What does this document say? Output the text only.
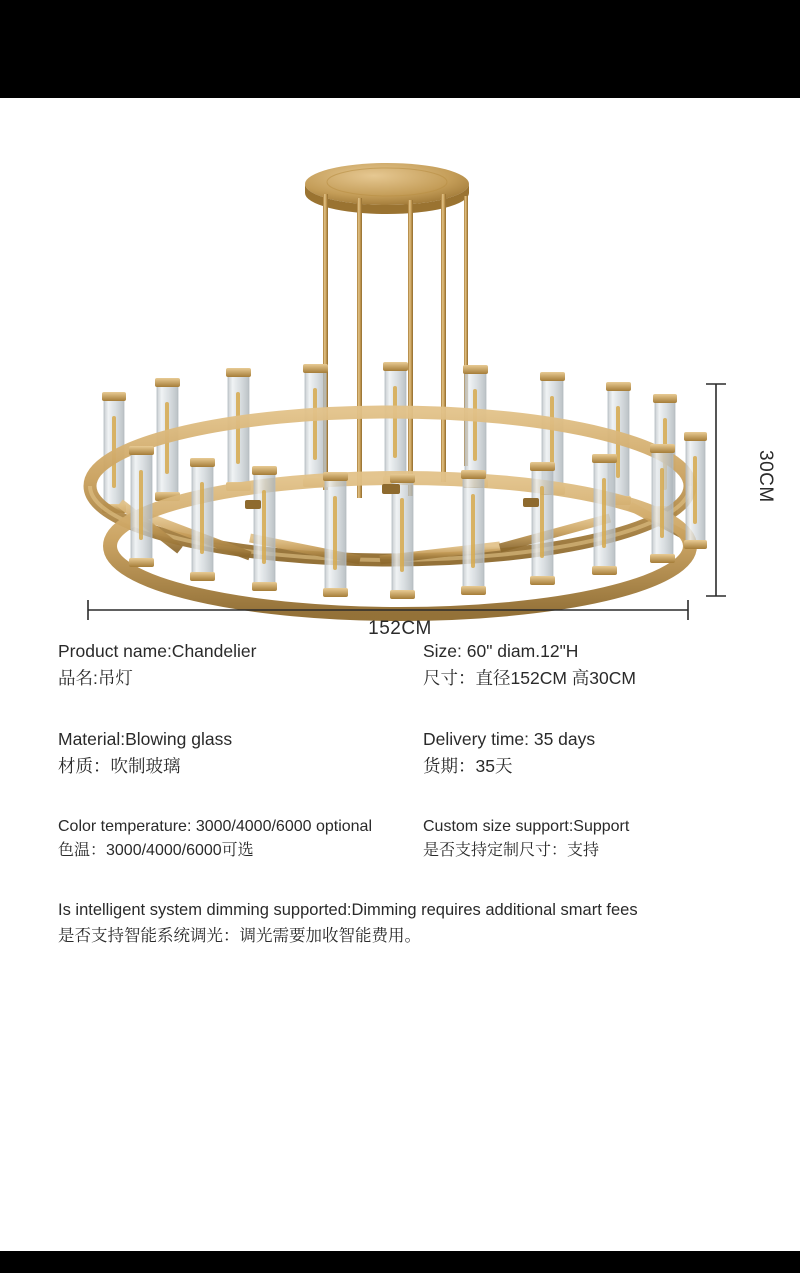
30CM
152CM
Product name:Chandelier
品名:吊灯
Size: 60" diam.12"H
尺寸：直径152CM 高30CM
Material:Blowing glass
材质：吹制玻璃
Delivery time: 35 days
货期：35天
Color temperature: 3000/4000/6000 optional
色温：3000/4000/6000可选
Custom size support:Support
是否支持定制尺寸：支持
Is intelligent system dimming supported:Dimming requires additional smart fees
是否支持智能系统调光：调光需要加收智能费用。
